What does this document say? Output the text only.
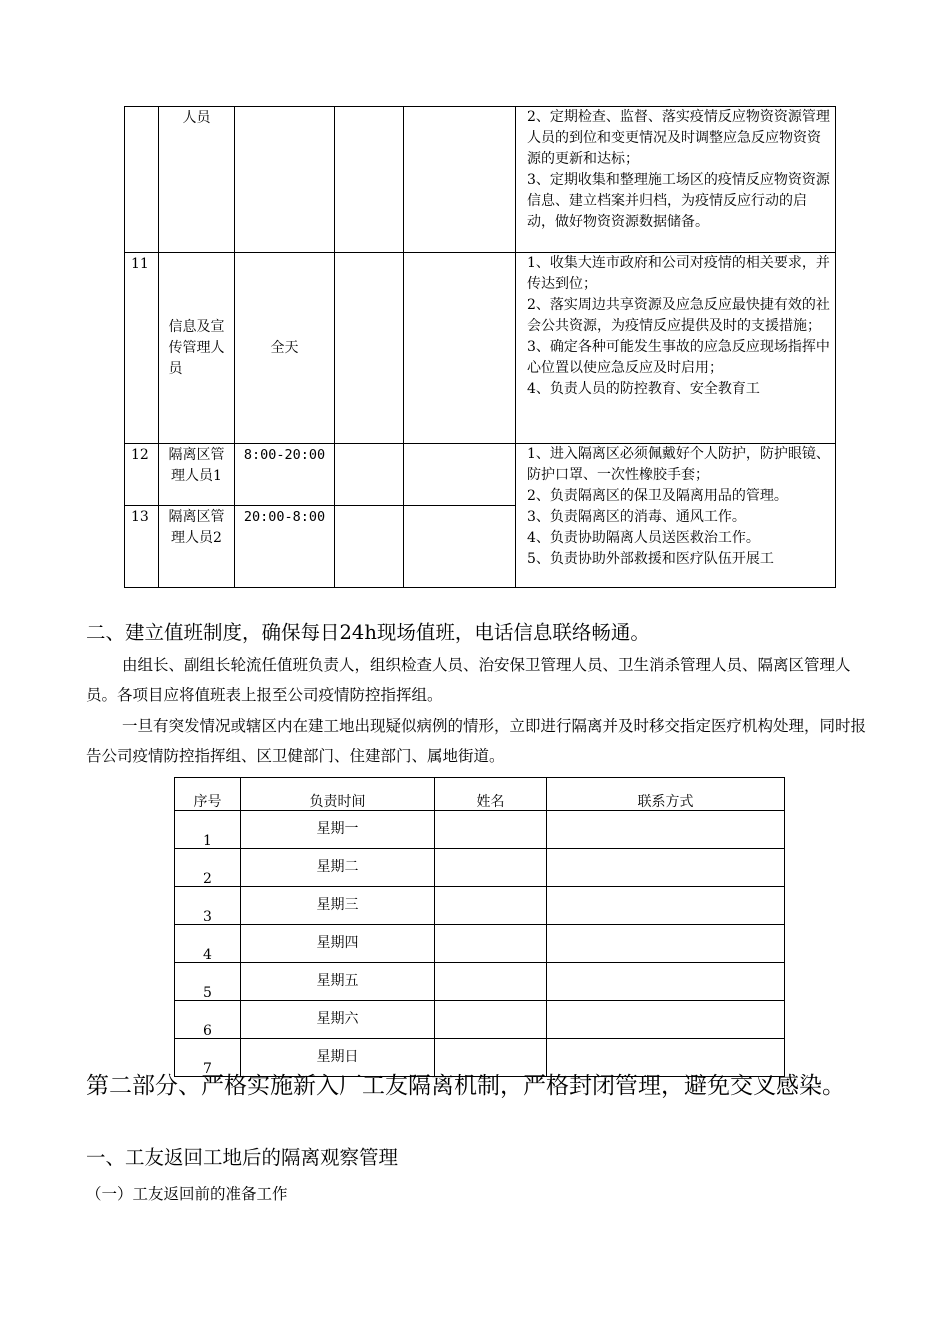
	人员				2、定期检查、监督、落实疫情反应物资资源管理人员的到位和变更情况及时调整应急反应物资资源的更新和达标；
3、定期收集和整理施工场区的疫情反应物资资源信息、建立档案并归档，为疫情反应行动的启动，做好物资资源数据储备。

11	信息及宣传管理人员	全天			1、收集大连市政府和公司对疫情的相关要求，并传达到位；
2、落实周边共享资源及应急反应最快捷有效的社会公共资源，为疫情反应提供及时的支援措施；
3、确定各种可能发生事故的应急反应现场指挥中心位置以使应急反应及时启用；
4、负责人员的防控教育、安全教育工

12	隔离区管理人员1	8:00-20:00			1、进入隔离区必须佩戴好个人防护，防护眼镜、防护口罩、一次性橡胶手套；
2、负责隔离区的保卫及隔离用品的管理。
3、负责隔离区的消毒、通风工作。
4、负责协助隔离人员送医救治工作。
5、负责协助外部救援和医疗队伍开展工

13	隔离区管理人员2	20:00-8:00			
二、建立值班制度，确保每日24h现场值班，电话信息联络畅通。
由组长、副组长轮流任值班负责人，组织检查人员、治安保卫管理人员、卫生消杀管理人员、隔离区管理人员。各项目应将值班表上报至公司疫情防控指挥组。
一旦有突发情况或辖区内在建工地出现疑似病例的情形，立即进行隔离并及时移交指定医疗机构处理，同时报告公司疫情防控指挥组、区卫健部门、住建部门、属地街道。
序号	负责时间	姓名	联系方式
1	星期一		
2	星期二		
3	星期三		
4	星期四		
5	星期五		
6	星期六		
7	星期日		
第二部分、严格实施新入厂工友隔离机制，严格封闭管理，避免交叉感染。
一、工友返回工地后的隔离观察管理
（一）工友返回前的准备工作
